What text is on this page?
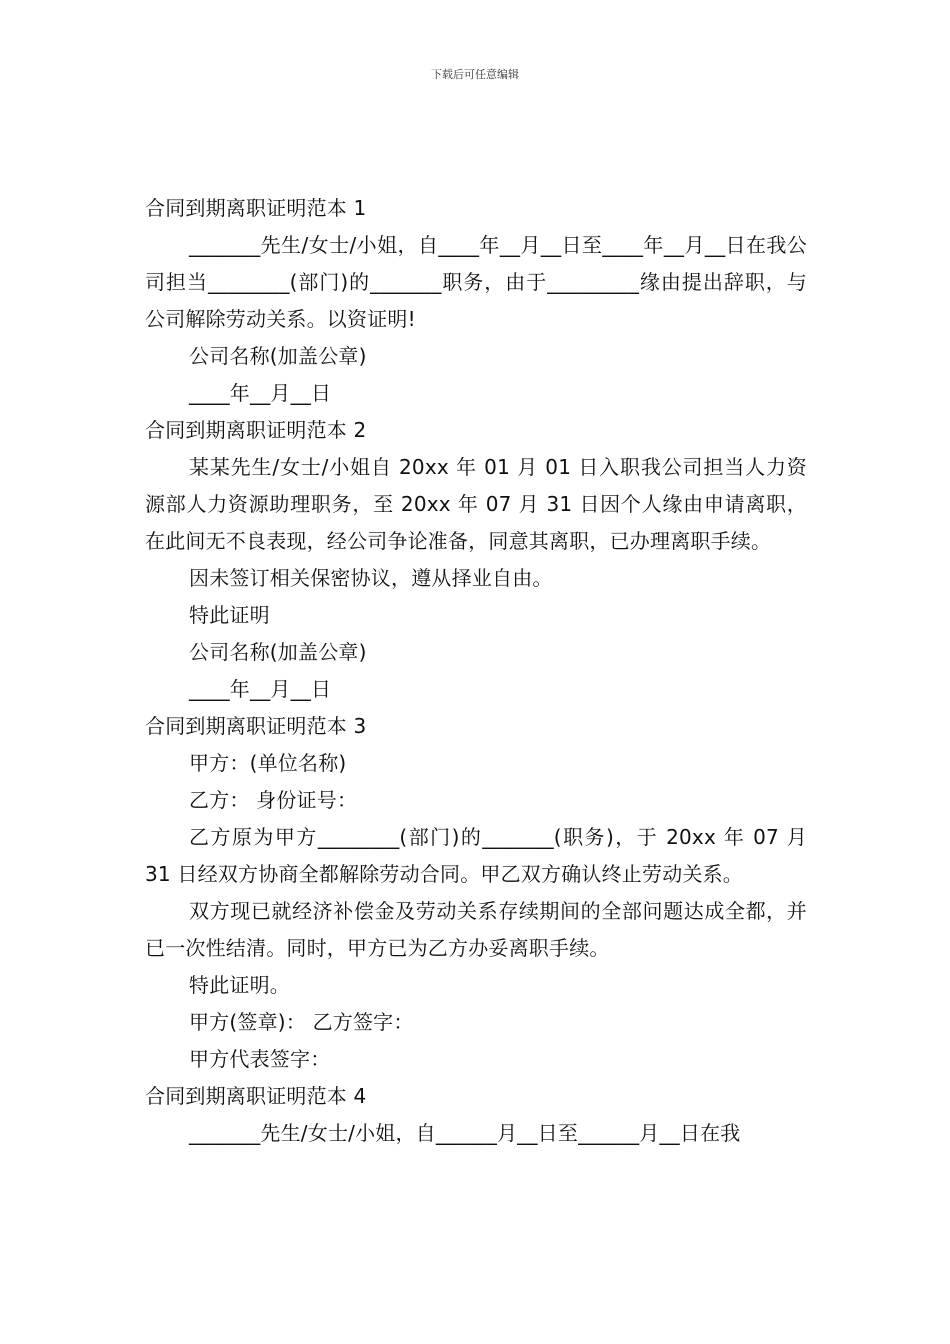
下载后可任意编辑

合同到期离职证明范本 1

_______先生/女士/小姐，自____年__月__日至____年__月__日在我公司担当________(部门)的_______职务，由于_________缘由提出辞职，与公司解除劳动关系。以资证明!

公司名称(加盖公章)

____年__月__日

合同到期离职证明范本 2

某某先生/女士/小姐自 20xx 年 01 月 01 日入职我公司担当人力资源部人力资源助理职务，至 20xx 年 07 月 31 日因个人缘由申请离职，在此间无不良表现，经公司争论准备，同意其离职，已办理离职手续。

因未签订相关保密协议，遵从择业自由。

特此证明

公司名称(加盖公章)

____年__月__日

合同到期离职证明范本 3

甲方：(单位名称)

乙方： 身份证号：

乙方原为甲方________(部门)的_______(职务)，于 20xx 年 07 月 31 日经双方协商全都解除劳动合同。甲乙双方确认终止劳动关系。

双方现已就经济补偿金及劳动关系存续期间的全部问题达成全都，并已一次性结清。同时，甲方已为乙方办妥离职手续。

特此证明。

甲方(签章)： 乙方签字：

甲方代表签字：

合同到期离职证明范本 4

_______先生/女士/小姐，自______月__日至______月__日在我
